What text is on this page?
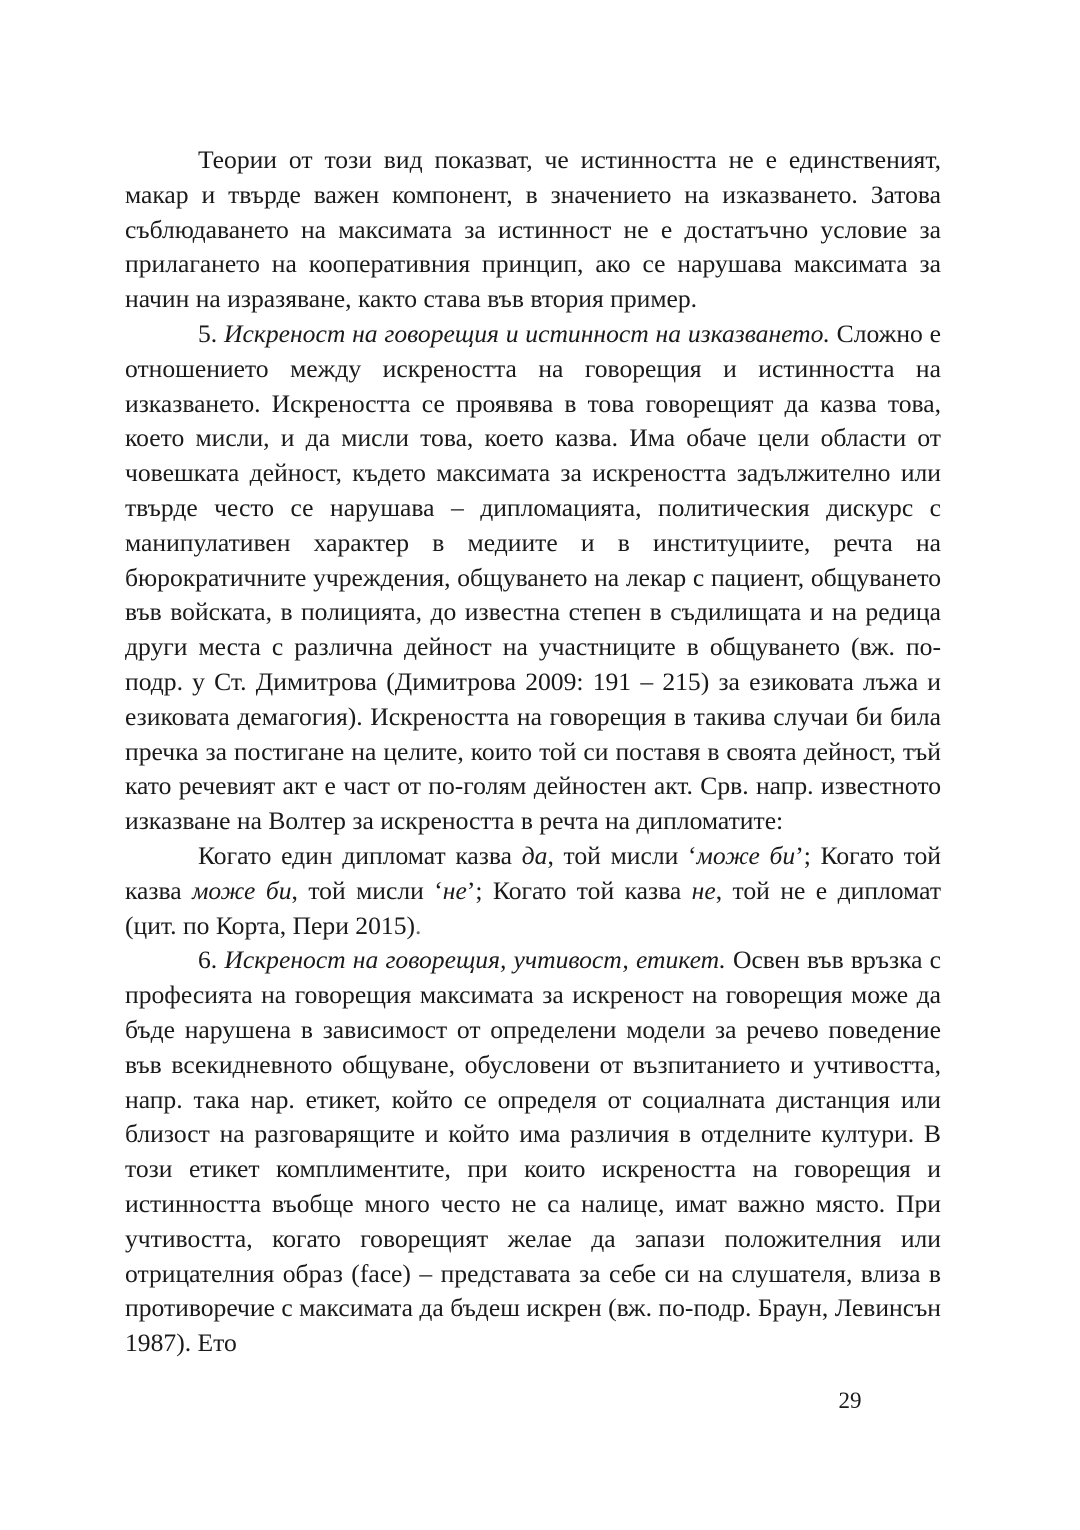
Теории от този вид показват, че истинността не е единственият, макар и твърде важен компонент, в значението на изказването. Затова съблюдаването на максимата за истинност не е достатъчно условие за прилагането на кооперативния принцип, ако се нарушава максимата за начин на изразяване, както става във втория пример.

5. Искреност на говорещия и истинност на изказването. Сложно е отношението между искреността на говорещия и истинността на изказването. Искреността се проявява в това говорещият да казва това, което мисли, и да мисли това, което казва. Има обаче цели области от човешката дейност, където максимата за искреността задължително или твърде често се нарушава – дипломацията, политическия дискурс с манипулативен характер в медиите и в институциите, речта на бюрократичните учреждения, общуването на лекар с пациент, общуването във войската, в полицията, до известна степен в съдилищата и на редица други места с различна дейност на участниците в общуването (вж. по-подр. у Ст. Димитрова (Димитрова 2009: 191 – 215) за езиковата лъжа и езиковата демагогия). Искреността на говорещия в такива случаи би била пречка за постигане на целите, които той си поставя в своята дейност, тъй като речевият акт е част от по-голям дейностен акт. Срв. напр. известното изказване на Волтер за искреността в речта на дипломатите:

Когато един дипломат казва да, той мисли ‘може би’; Когато той казва може би, той мисли ‘не’; Когато той казва не, той не е дипломат (цит. по Корта, Пери 2015).

6. Искреност на говорещия, учтивост, етикет. Освен във връзка с професията на говорещия максимата за искреност на говорещия може да бъде нарушена в зависимост от определени модели за речево поведение във всекидневното общуване, обусловени от възпитанието и учтивостта, напр. така нар. етикет, който се определя от социалната дистанция или близост на разговарящите и който има различия в отделните култури. В този етикет комплиментите, при които искреността на говорещия и истинността въобще много често не са налице, имат важно място. При учтивостта, когато говорещият желае да запази положителния или отрицателния образ (face) – представата за себе си на слушателя, влиза в противоречие с максимата да бъдеш искрен (вж. по-подр. Браун, Левинсън 1987). Ето

29
